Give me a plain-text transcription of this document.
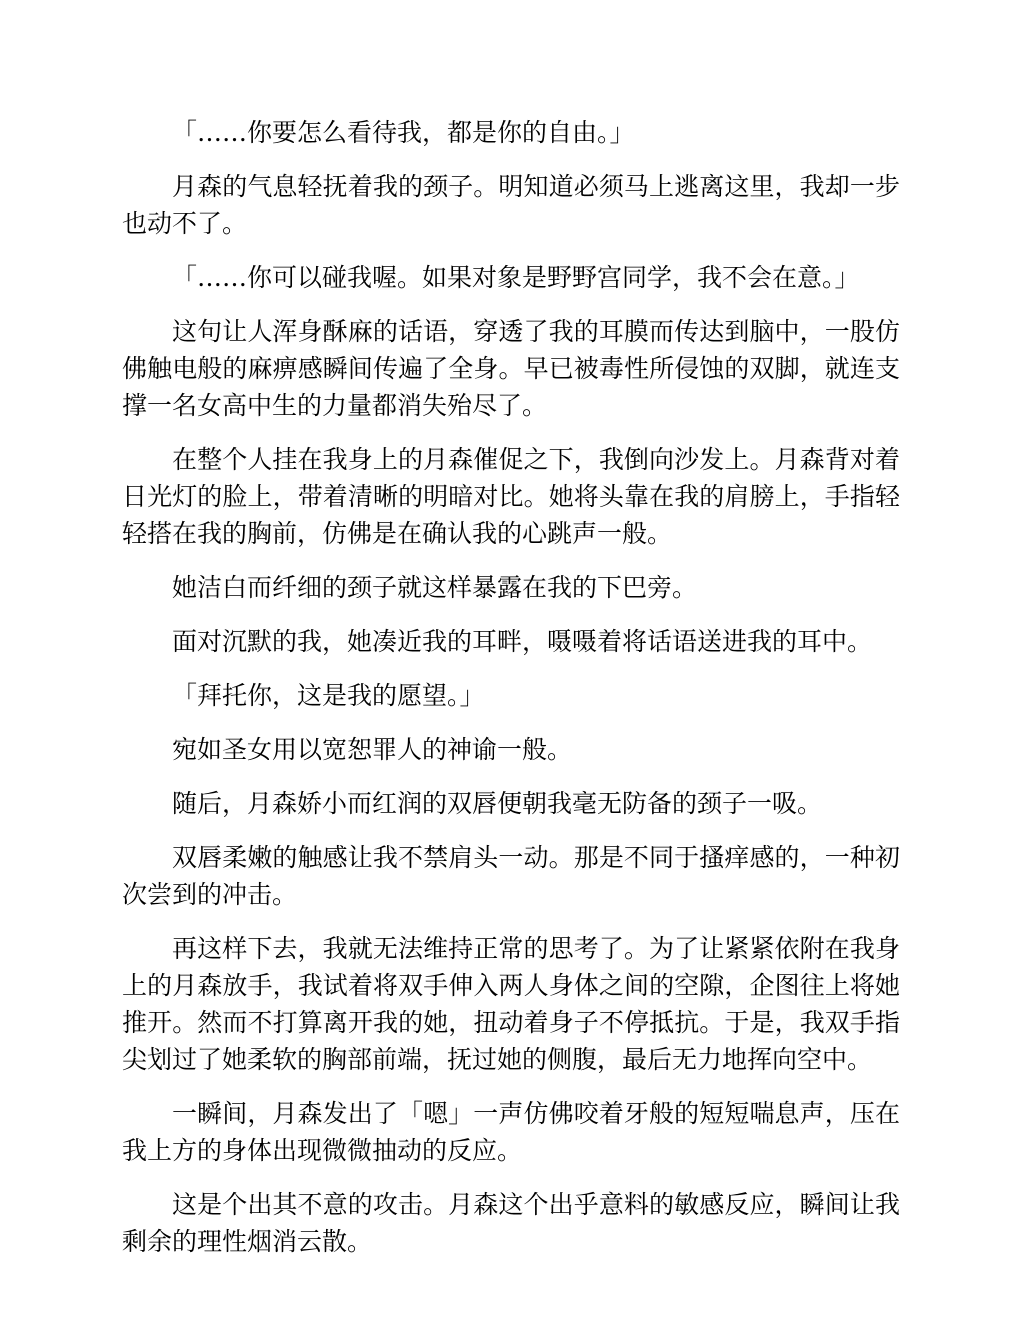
「……你要怎么看待我，都是你的自由。」

月森的气息轻抚着我的颈子。明知道必须马上逃离这里，我却一步也动不了。

「……你可以碰我喔。如果对象是野野宫同学，我不会在意。」

这句让人浑身酥麻的话语，穿透了我的耳膜而传达到脑中，一股仿佛触电般的麻痹感瞬间传遍了全身。早已被毒性所侵蚀的双脚，就连支撑一名女高中生的力量都消失殆尽了。

在整个人挂在我身上的月森催促之下，我倒向沙发上。月森背对着日光灯的脸上，带着清晰的明暗对比。她将头靠在我的肩膀上，手指轻轻搭在我的胸前，仿佛是在确认我的心跳声一般。

她洁白而纤细的颈子就这样暴露在我的下巴旁。

面对沉默的我，她凑近我的耳畔，嗫嗫着将话语送进我的耳中。

「拜托你，这是我的愿望。」

宛如圣女用以宽恕罪人的神谕一般。

随后，月森娇小而红润的双唇便朝我毫无防备的颈子一吸。

双唇柔嫩的触感让我不禁肩头一动。那是不同于搔痒感的，一种初次尝到的冲击。

再这样下去，我就无法维持正常的思考了。为了让紧紧依附在我身上的月森放手，我试着将双手伸入两人身体之间的空隙，企图往上将她推开。然而不打算离开我的她，扭动着身子不停抵抗。于是，我双手指尖划过了她柔软的胸部前端，抚过她的侧腹，最后无力地挥向空中。

一瞬间，月森发出了「嗯」一声仿佛咬着牙般的短短喘息声，压在我上方的身体出现微微抽动的反应。

这是个出其不意的攻击。月森这个出乎意料的敏感反应，瞬间让我剩余的理性烟消云散。
